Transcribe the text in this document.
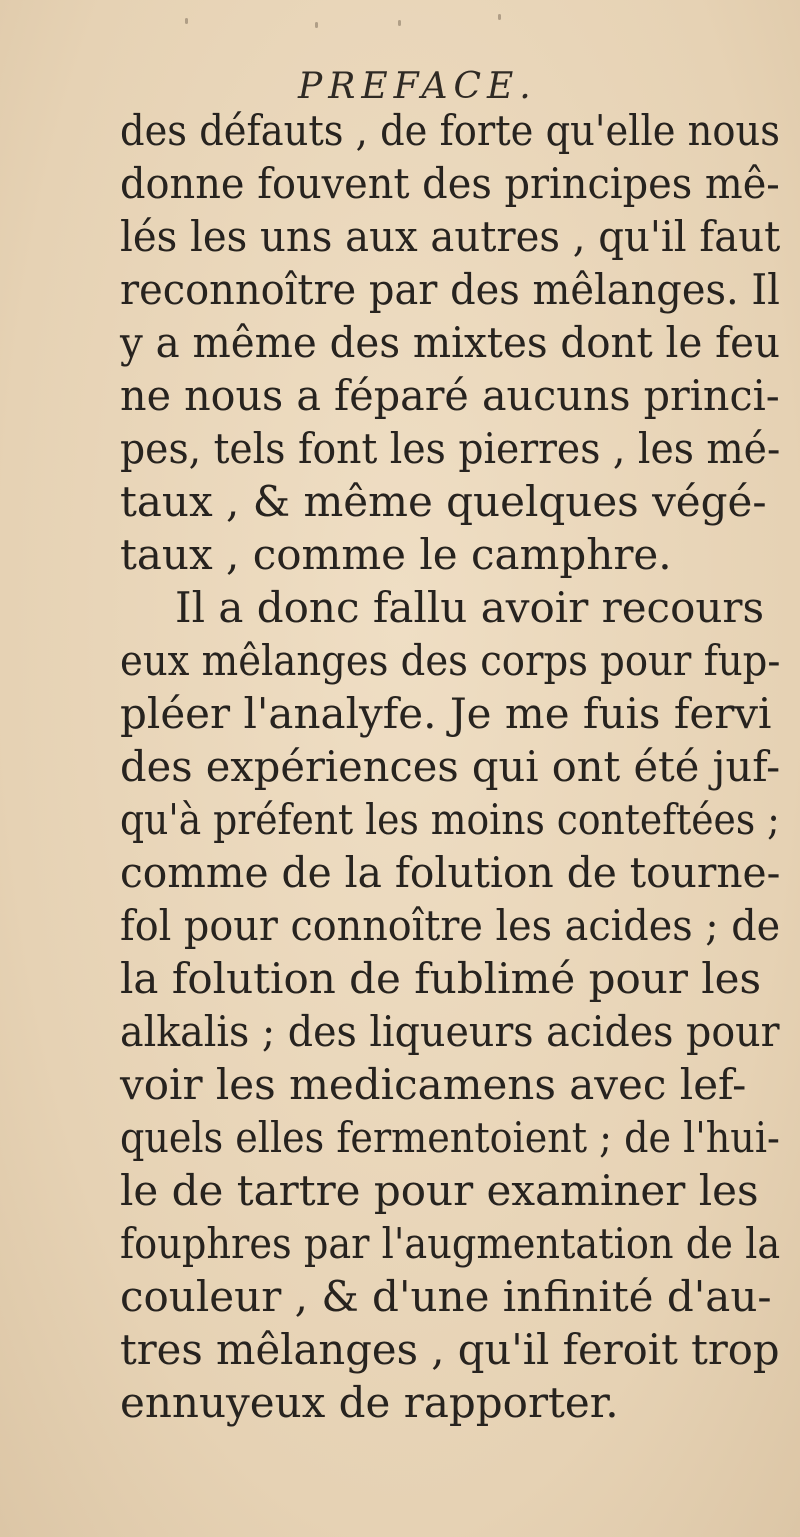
PREFACE.
des défauts , de forte qu'elle nous
donne fouvent des principes mê-
lés les uns aux autres , qu'il faut
reconnoître par des mêlanges. Il
y a même des mixtes dont le feu
ne nous a féparé aucuns princi-
pes, tels font les pierres , les mé-
taux , & même quelques végé-
taux , comme le camphre.
Il a donc fallu avoir recours
eux mêlanges des corps pour fup-
pléer l'analyfe. Je me fuis fervi
des expériences qui ont été juf-
qu'à préfent les moins conteftées ;
comme de la folution de tourne-
fol pour connoître les acides ; de
la folution de fublimé pour les
alkalis ; des liqueurs acides pour
voir les medicamens avec lef-
quels elles fermentoient ; de l'hui-
le de tartre pour examiner les
fouphres par l'augmentation de la
couleur , & d'une infinité d'au-
tres mêlanges , qu'il feroit trop
ennuyeux de rapporter.
